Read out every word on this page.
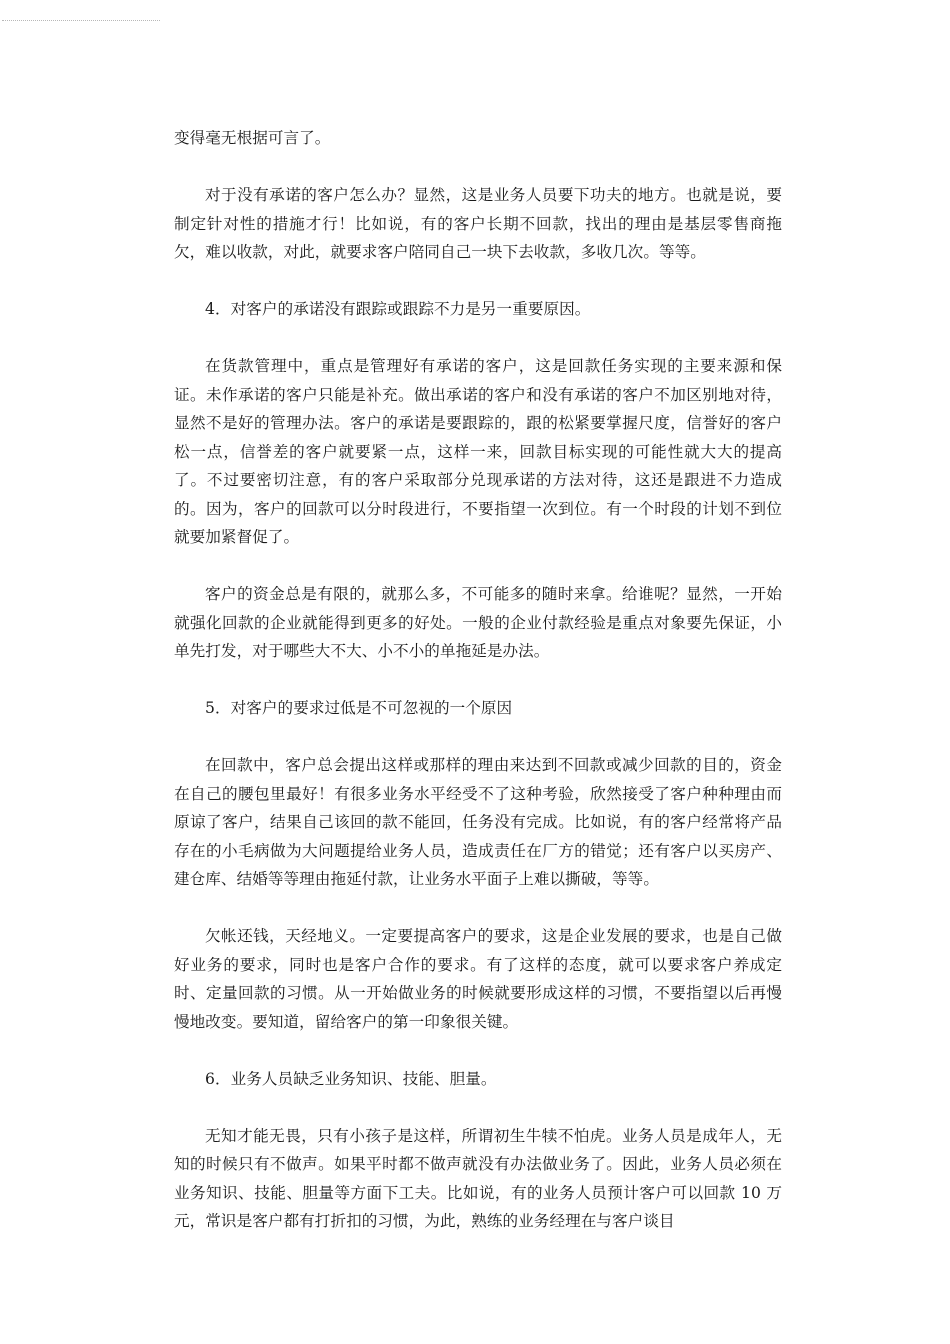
变得毫无根据可言了。

对于没有承诺的客户怎么办？显然，这是业务人员要下功夫的地方。也就是说，要制定针对性的措施才行！比如说，有的客户长期不回款，找出的理由是基层零售商拖欠，难以收款，对此，就要求客户陪同自己一块下去收款，多收几次。等等。

4．对客户的承诺没有跟踪或跟踪不力是另一重要原因。

在货款管理中，重点是管理好有承诺的客户，这是回款任务实现的主要来源和保证。未作承诺的客户只能是补充。做出承诺的客户和没有承诺的客户不加区别地对待，显然不是好的管理办法。客户的承诺是要跟踪的，跟的松紧要掌握尺度，信誉好的客户松一点，信誉差的客户就要紧一点，这样一来，回款目标实现的可能性就大大的提高了。不过要密切注意，有的客户采取部分兑现承诺的方法对待，这还是跟进不力造成的。因为，客户的回款可以分时段进行，不要指望一次到位。有一个时段的计划不到位就要加紧督促了。

客户的资金总是有限的，就那么多，不可能多的随时来拿。给谁呢？显然，一开始就强化回款的企业就能得到更多的好处。一般的企业付款经验是重点对象要先保证，小单先打发，对于哪些大不大、小不小的单拖延是办法。

5．对客户的要求过低是不可忽视的一个原因

在回款中，客户总会提出这样或那样的理由来达到不回款或减少回款的目的，资金在自己的腰包里最好！有很多业务水平经受不了这种考验，欣然接受了客户种种理由而原谅了客户，结果自己该回的款不能回，任务没有完成。比如说，有的客户经常将产品存在的小毛病做为大问题提给业务人员，造成责任在厂方的错觉；还有客户以买房产、建仓库、结婚等等理由拖延付款，让业务水平面子上难以撕破，等等。

欠帐还钱，天经地义。一定要提高客户的要求，这是企业发展的要求，也是自己做好业务的要求，同时也是客户合作的要求。有了这样的态度，就可以要求客户养成定时、定量回款的习惯。从一开始做业务的时候就要形成这样的习惯，不要指望以后再慢慢地改变。要知道，留给客户的第一印象很关键。

6．业务人员缺乏业务知识、技能、胆量。

无知才能无畏，只有小孩子是这样，所谓初生牛犊不怕虎。业务人员是成年人，无知的时候只有不做声。如果平时都不做声就没有办法做业务了。因此，业务人员必须在业务知识、技能、胆量等方面下工夫。比如说，有的业务人员预计客户可以回款 10 万元，常识是客户都有打折扣的习惯，为此，熟练的业务经理在与客户谈目
